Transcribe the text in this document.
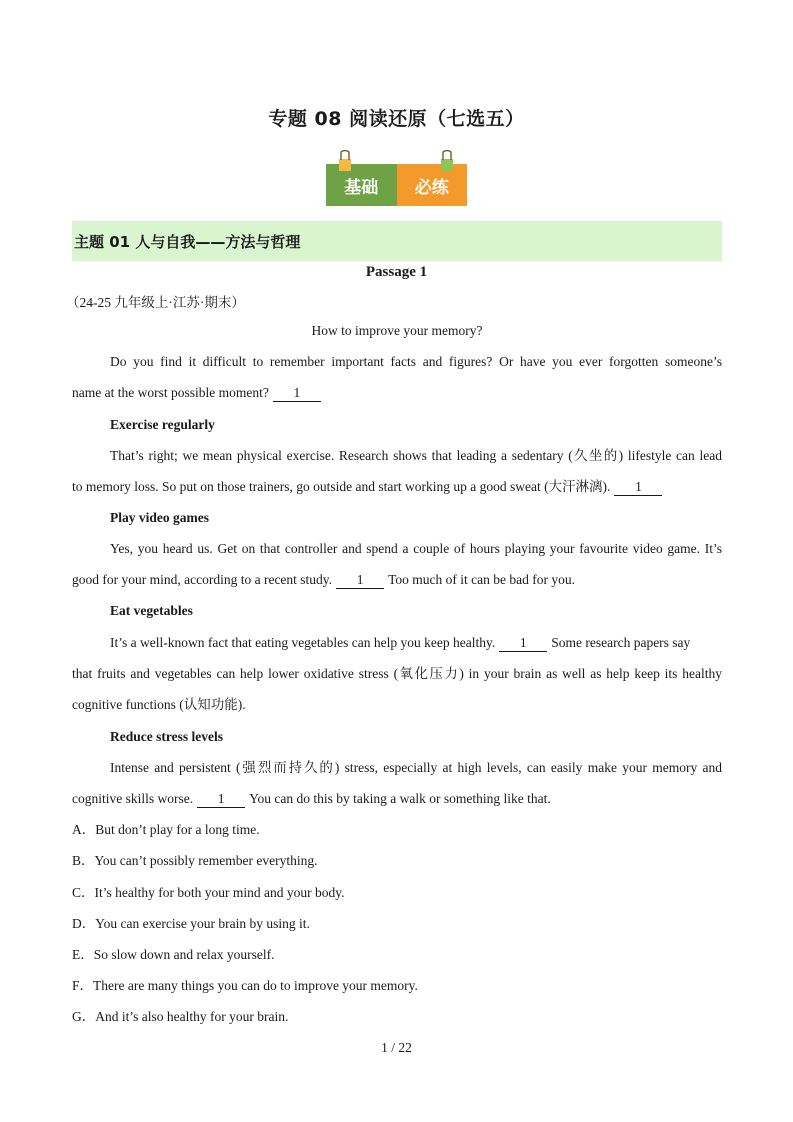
专题 08 阅读还原（七选五）
基础	必练
主题 01 人与自我——方法与哲理
Passage 1
（24-25 九年级上·江苏·期末）
How to improve your memory?
Do you find it difficult to remember important facts and figures? Or have you ever forgotten someone’s
name at the worst possible moment? 1
Exercise regularly
That’s right; we mean physical exercise. Research shows that leading a sedentary (久坐的) lifestyle can lead
to memory loss. So put on those trainers, go outside and start working up a good sweat (大汗淋漓). 1
Play video games
Yes, you heard us. Get on that controller and spend a couple of hours playing your favourite video game. It’s
good for your mind, according to a recent study. 1 Too much of it can be bad for you.
Eat vegetables
It’s a well-known fact that eating vegetables can help you keep healthy. 1 Some research papers say
that fruits and vegetables can help lower oxidative stress (氧化压力) in your brain as well as help keep its healthy
cognitive functions (认知功能).
Reduce stress levels
Intense and persistent (强烈而持久的) stress, especially at high levels, can easily make your memory and
cognitive skills worse. 1 You can do this by taking a walk or something like that.
A．But don’t play for a long time.
B．You can’t possibly remember everything.
C．It’s healthy for both your mind and your body.
D．You can exercise your brain by using it.
E．So slow down and relax yourself.
F．There are many things you can do to improve your memory.
G．And it’s also healthy for your brain.
1 / 22
